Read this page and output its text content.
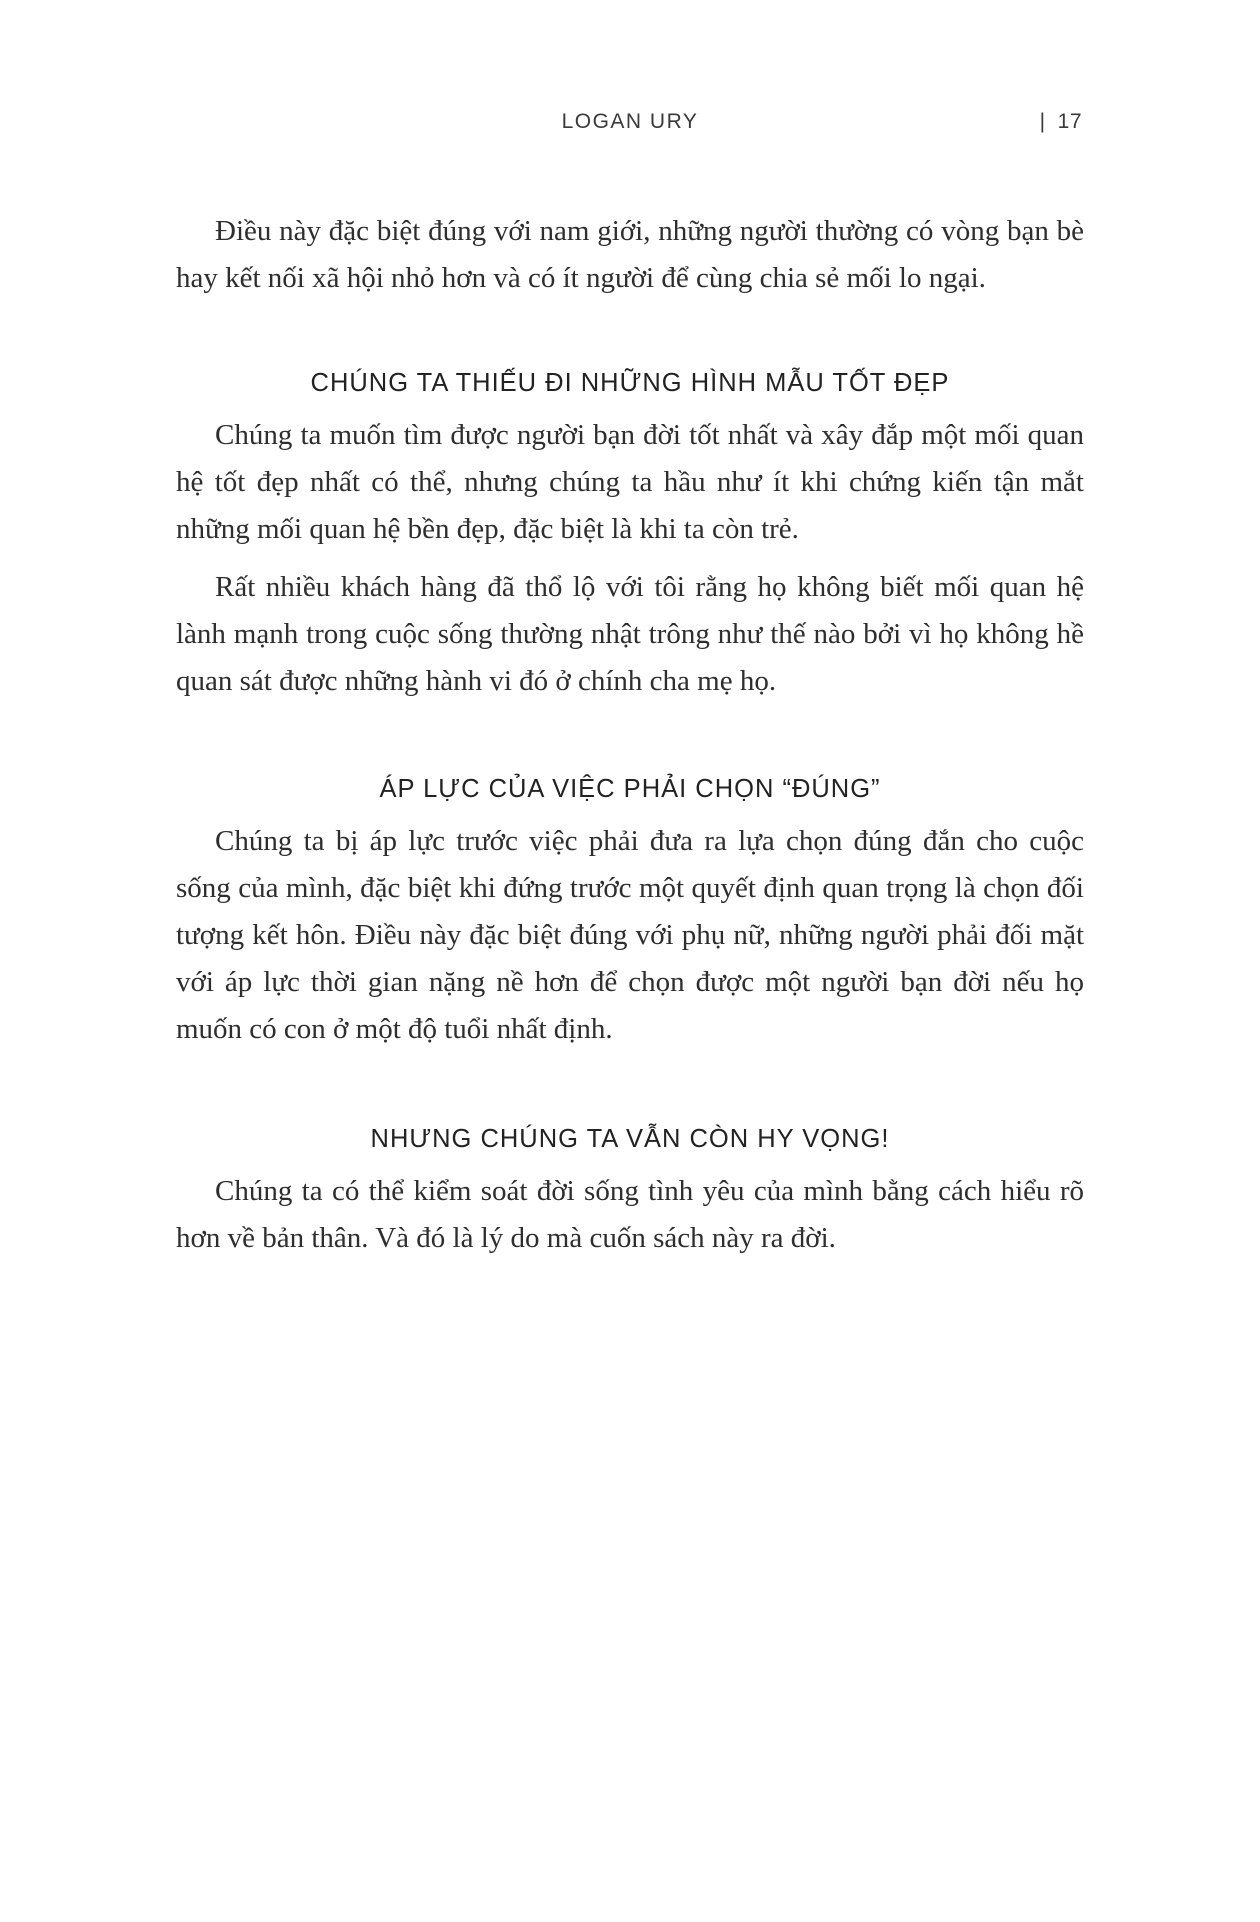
LOGAN URY	| 17

Điều này đặc biệt đúng với nam giới, những người thường có vòng bạn bè hay kết nối xã hội nhỏ hơn và có ít người để cùng chia sẻ mối lo ngại.

CHÚNG TA THIẾU ĐI NHỮNG HÌNH MẪU TỐT ĐẸP

Chúng ta muốn tìm được người bạn đời tốt nhất và xây đắp một mối quan hệ tốt đẹp nhất có thể, nhưng chúng ta hầu như ít khi chứng kiến tận mắt những mối quan hệ bền đẹp, đặc biệt là khi ta còn trẻ.

Rất nhiều khách hàng đã thổ lộ với tôi rằng họ không biết mối quan hệ lành mạnh trong cuộc sống thường nhật trông như thế nào bởi vì họ không hề quan sát được những hành vi đó ở chính cha mẹ họ.

ÁP LỰC CỦA VIỆC PHẢI CHỌN “ĐÚNG”

Chúng ta bị áp lực trước việc phải đưa ra lựa chọn đúng đắn cho cuộc sống của mình, đặc biệt khi đứng trước một quyết định quan trọng là chọn đối tượng kết hôn. Điều này đặc biệt đúng với phụ nữ, những người phải đối mặt với áp lực thời gian nặng nề hơn để chọn được một người bạn đời nếu họ muốn có con ở một độ tuổi nhất định.

NHƯNG CHÚNG TA VẪN CÒN HY VỌNG!

Chúng ta có thể kiểm soát đời sống tình yêu của mình bằng cách hiểu rõ hơn về bản thân. Và đó là lý do mà cuốn sách này ra đời.
